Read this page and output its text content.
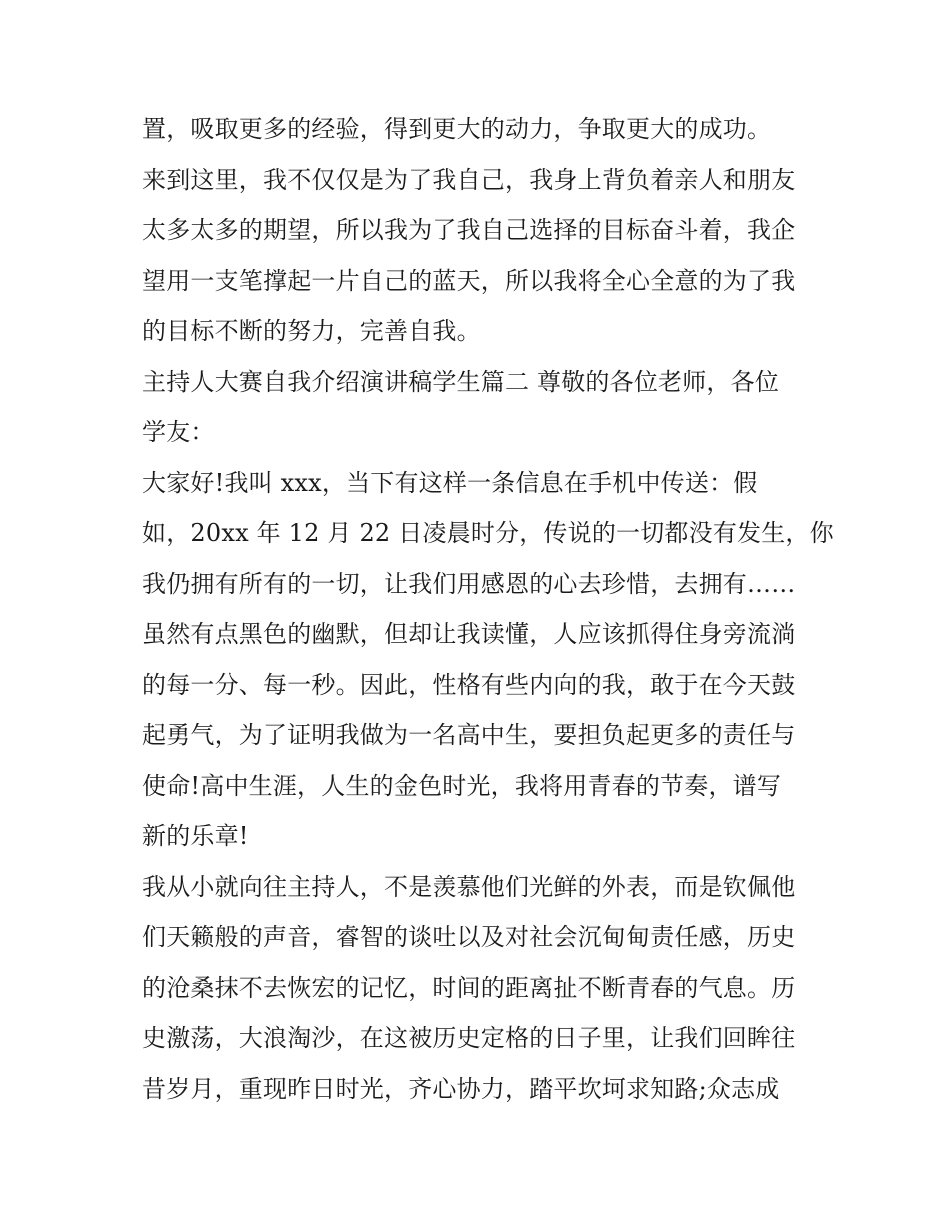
置，吸取更多的经验，得到更大的动力，争取更大的成功。
来到这里，我不仅仅是为了我自己，我身上背负着亲人和朋友
太多太多的期望，所以我为了我自己选择的目标奋斗着，我企
望用一支笔撑起一片自己的蓝天，所以我将全心全意的为了我
的目标不断的努力，完善自我。
主持人大赛自我介绍演讲稿学生篇二 尊敬的各位老师，各位
学友：
大家好!我叫 xxx，当下有这样一条信息在手机中传送：假
如，20xx 年 12 月 22 日凌晨时分，传说的一切都没有发生，你
我仍拥有所有的一切，让我们用感恩的心去珍惜，去拥有……
虽然有点黑色的幽默，但却让我读懂，人应该抓得住身旁流淌
的每一分、每一秒。因此，性格有些内向的我，敢于在今天鼓
起勇气，为了证明我做为一名高中生，要担负起更多的责任与
使命!高中生涯，人生的金色时光，我将用青春的节奏，谱写
新的乐章!
我从小就向往主持人，不是羡慕他们光鲜的外表，而是钦佩他
们天籁般的声音，睿智的谈吐以及对社会沉甸甸责任感，历史
的沧桑抹不去恢宏的记忆，时间的距离扯不断青春的气息。历
史激荡，大浪淘沙，在这被历史定格的日子里，让我们回眸往
昔岁月，重现昨日时光，齐心协力，踏平坎坷求知路;众志成
